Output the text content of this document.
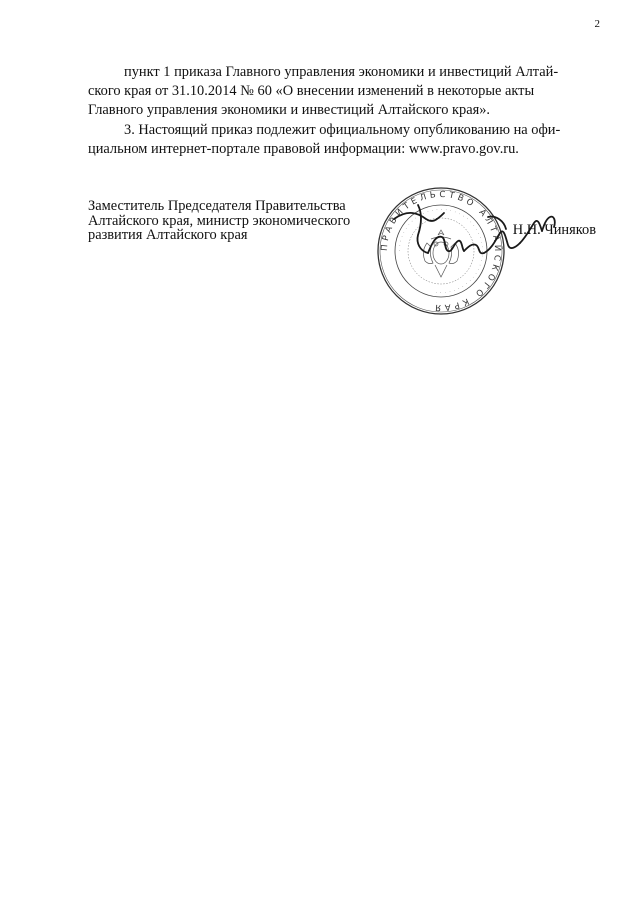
2
пункт 1 приказа Главного управления экономики и инвестиций Алтай-
ского края от 31.10.2014 № 60 «О внесении изменений в некоторые акты
Главного управления экономики и инвестиций Алтайского края».
3. Настоящий приказ подлежит официальному опубликованию на офи-
циальном интернет-портале правовой информации: www.pravo.gov.ru.
Заместитель Председателя Правительства
Алтайского края, министр экономического
развития Алтайского края
ПРАВИТЕЛЬСТВО АЛТАЙСКОГО КРАЯ
· · · · · · · · · · · · · · · · · · · · · · · · · · · · · · · · · · · · · · · · · · · ·
Н.Н. Чиняков
